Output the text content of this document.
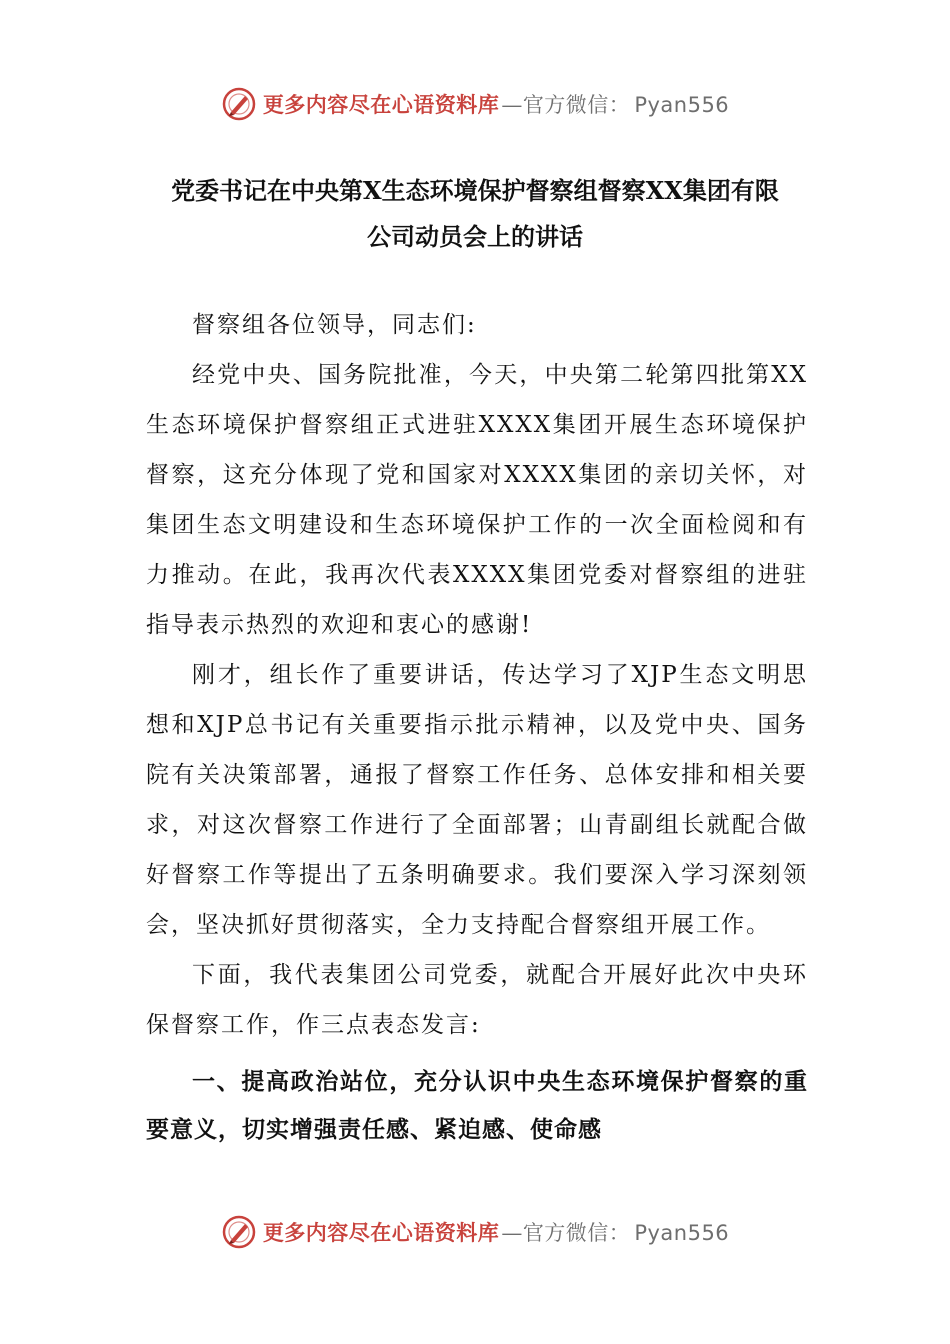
更多内容尽在心语资料库 —官方微信： Pyan556
党委书记在中央第X生态环境保护督察组督察XX集团有限
公司动员会上的讲话

督察组各位领导，同志们:

经党中央、国务院批准，今天，中央第二轮第四批第XX生态环境保护督察组正式进驻XXXX集团开展生态环境保护督察，这充分体现了党和国家对XXXX集团的亲切关怀，对集团生态文明建设和生态环境保护工作的一次全面检阅和有力推动。在此，我再次代表XXXX集团党委对督察组的进驻指导表示热烈的欢迎和衷心的感谢!

刚才，组长作了重要讲话，传达学习了XJP生态文明思想和XJP总书记有关重要指示批示精神，以及党中央、国务院有关决策部署，通报了督察工作任务、总体安排和相关要求，对这次督察工作进行了全面部署；山青副组长就配合做好督察工作等提出了五条明确要求。我们要深入学习深刻领会，坚决抓好贯彻落实，全力支持配合督察组开展工作。

下面，我代表集团公司党委，就配合开展好此次中央环保督察工作，作三点表态发言:

一、提高政治站位，充分认识中央生态环境保护督察的重要意义，切实增强责任感、紧迫感、使命感

更多内容尽在心语资料库 —官方微信： Pyan556
